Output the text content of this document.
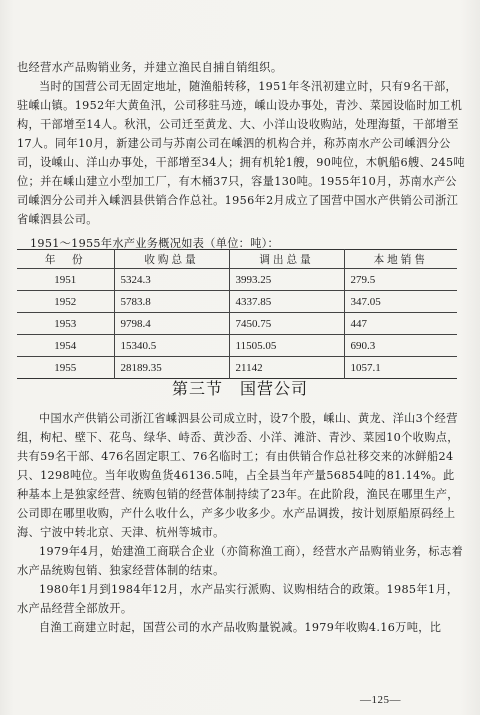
也经营水产品购销业务，并建立渔民自捕自销组织。

当时的国营公司无固定地址，随渔船转移，1951年冬汛初建立时，只有9名干部，驻嵊山镇。1952年大黄鱼汛，公司移驻马迹，嵊山设办事处，青沙、菜园设临时加工机构，干部增至14人。秋汛，公司迁至黄龙、大、小洋山设收购站，处理海蜇，干部增至17人。同年10月，新建公司与苏南公司在嵊泗的机构合并，称苏南水产公司嵊泗分公司，设嵊山、洋山办事处，干部增至34人；拥有机轮1艘，90吨位，木帆船6艘、245吨位；并在嵊山建立小型加工厂，有木桶37只，容量130吨。1955年10月，苏南水产公司嵊泗分公司并入嵊泗县供销合作总社。1956年2月成立了国营中国水产供销公司浙江省嵊泗县公司。

1951～1955年水产业务概况如表（单位：吨）：
年　份	收购总量	调出总量	本地销售
1951	5324.3	3993.25	279.5
1952	5783.8	4337.85	347.05
1953	9798.4	7450.75	447
1954	15340.5	11505.05	690.3
1955	28189.35	21142	1057.1
第三节　国营公司

中国水产供销公司浙江省嵊泗县公司成立时，设7个股，嵊山、黄龙、洋山3个经营组，枸杞、壁下、花鸟、绿华、峙岙、黄沙岙、小洋、滩浒、青沙、菜园10个收购点，共有59名干部、476名固定职工、76名临时工；有由供销合作总社移交来的冰鲜船24只、1298吨位。当年收购鱼货46136.5吨，占全县当年产量56854吨的81.14%。此种基本上是独家经营、统购包销的经营体制持续了23年。在此阶段，渔民在哪里生产，公司即在哪里收购，产什么收什么，产多少收多少。水产品调拨，按计划原船原码经上海、宁波中转北京、天津、杭州等城市。

1979年4月，始建渔工商联合企业（亦简称渔工商），经营水产品购销业务，标志着水产品统购包销、独家经营体制的结束。

1980年1月到1984年12月，水产品实行派购、议购相结合的政策。1985年1月，水产品经营全部放开。

自渔工商建立时起，国营公司的水产品收购量锐减。1979年收购4.16万吨，比

—125—
